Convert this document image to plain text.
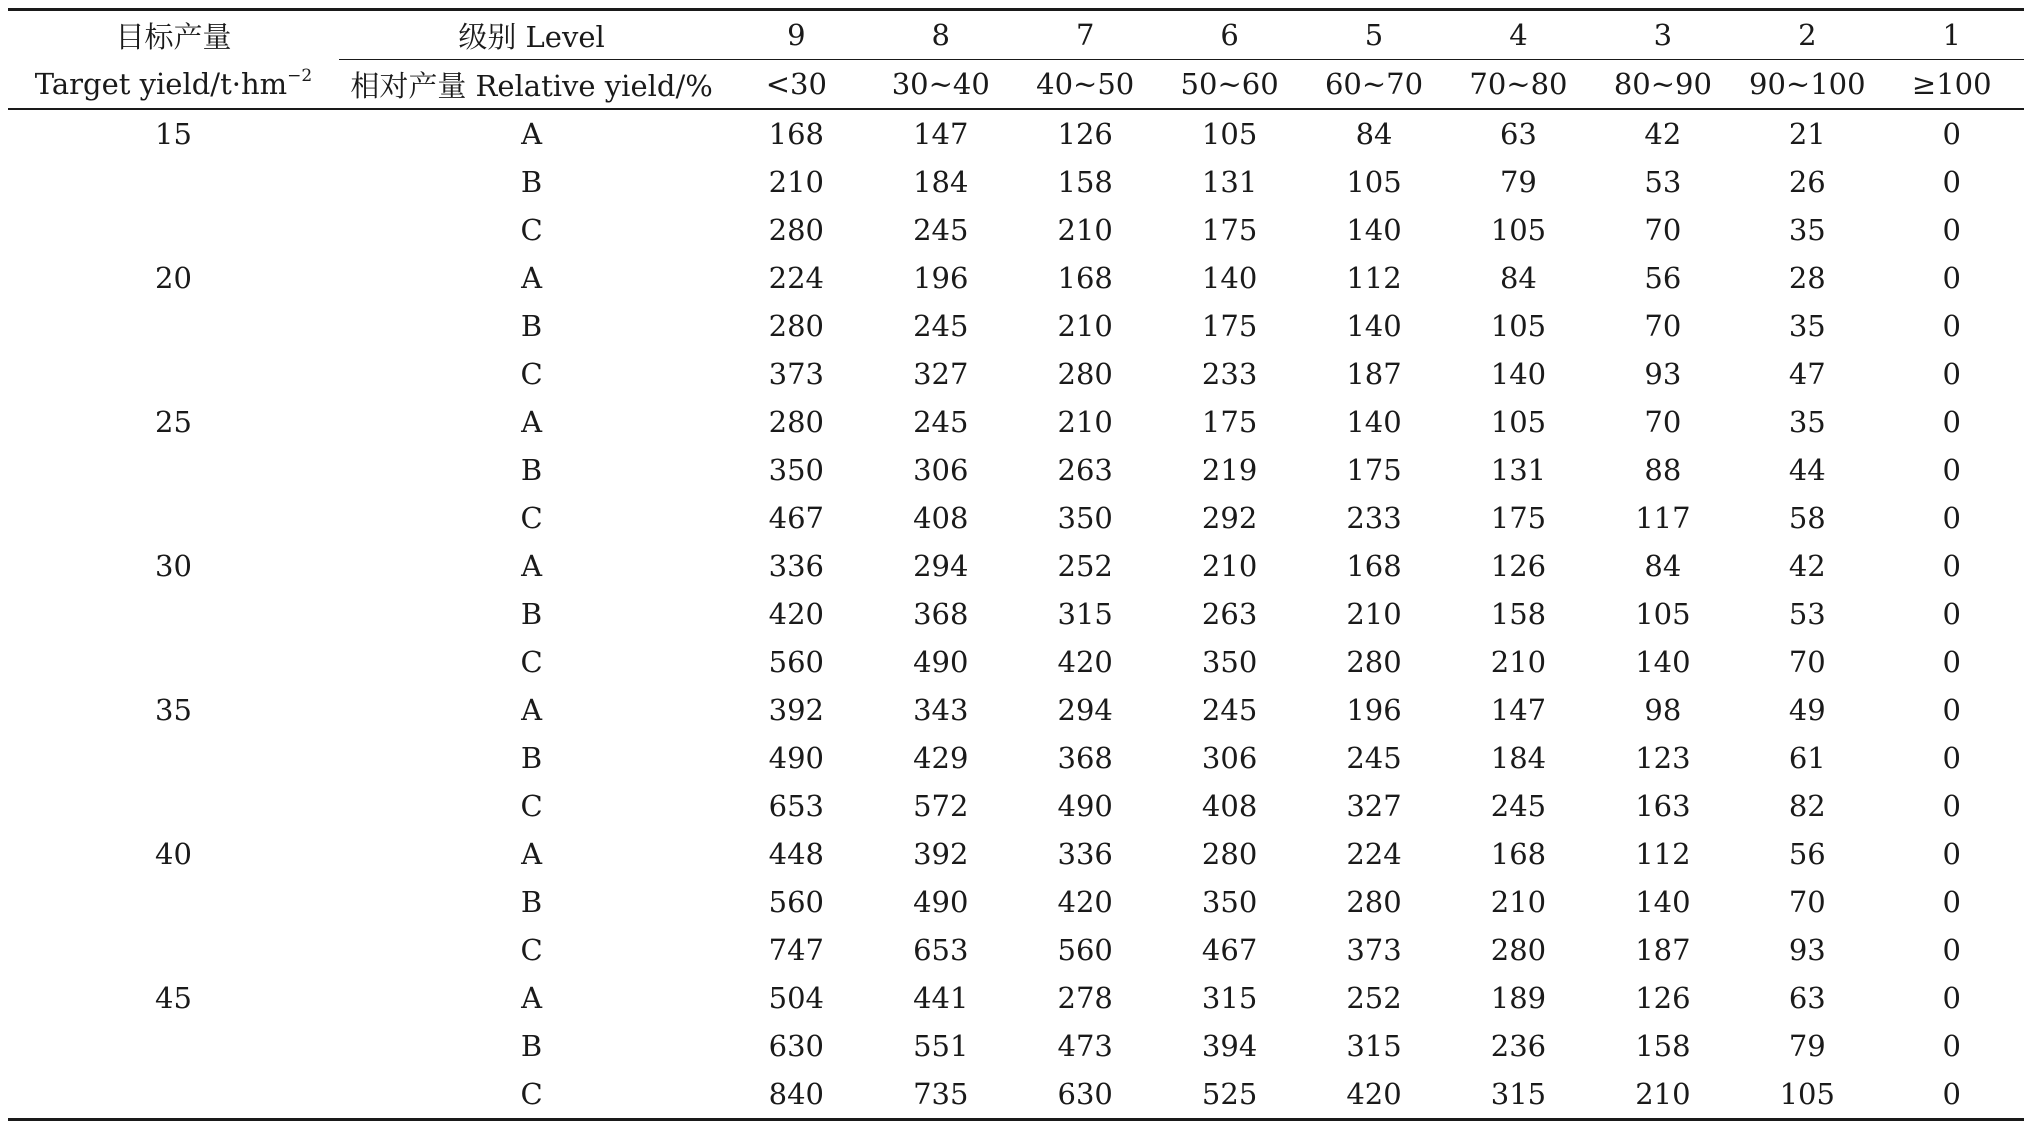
目标产量	级别 Level	9	8	7	6	5	4	3	2	1
Target yield/$t\cdot hm^{-2}$	相对产量 Relative yield/%	<30	30~40	40~50	50~60	60~70	70~80	80~90	90~100	≥100
15	A	168	147	126	105	84	63	42	21	0
	B	210	184	158	131	105	79	53	26	0
	C	280	245	210	175	140	105	70	35	0
20	A	224	196	168	140	112	84	56	28	0
	B	280	245	210	175	140	105	70	35	0
	C	373	327	280	233	187	140	93	47	0
25	A	280	245	210	175	140	105	70	35	0
	B	350	306	263	219	175	131	88	44	0
	C	467	408	350	292	233	175	117	58	0
30	A	336	294	252	210	168	126	84	42	0
	B	420	368	315	263	210	158	105	53	0
	C	560	490	420	350	280	210	140	70	0
35	A	392	343	294	245	196	147	98	49	0
	B	490	429	368	306	245	184	123	61	0
	C	653	572	490	408	327	245	163	82	0
40	A	448	392	336	280	224	168	112	56	0
	B	560	490	420	350	280	210	140	70	0
	C	747	653	560	467	373	280	187	93	0
45	A	504	441	278	315	252	189	126	63	0
	B	630	551	473	394	315	236	158	79	0
	C	840	735	630	525	420	315	210	105	0
